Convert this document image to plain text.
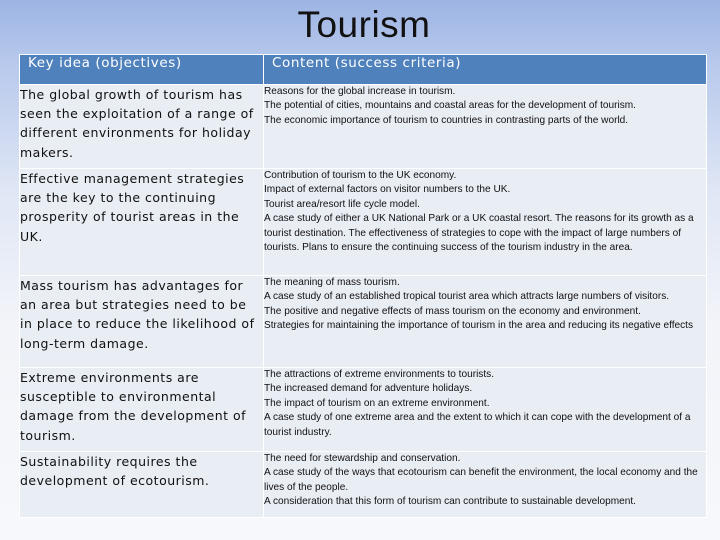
Tourism
Key idea (objectives)	Content (success criteria)
The global growth of tourism has seen the exploitation of a range of different environments for holiday makers.	Reasons for the global increase in tourism.
The potential of cities, mountains and coastal areas for the development of tourism.
The economic importance of tourism to countries in contrasting parts of the world.

Effective management strategies are the key to the continuing prosperity of tourist areas in the UK.	Contribution of tourism to the UK economy.
Impact of external factors on visitor numbers to the UK.
Tourist area/resort life cycle model.
A case study of either a UK National Park or a UK coastal resort. The reasons for its growth as a tourist destination. The effectiveness of strategies to cope with the impact of large numbers of tourists. Plans to ensure the continuing success of the tourism industry in the area.

Mass tourism has advantages for an area but strategies need to be in place to reduce the likelihood of long-term damage.	The meaning of mass tourism.
A case study of an established tropical tourist area which attracts large numbers of visitors.
The positive and negative effects of mass tourism on the economy and environment.
Strategies for maintaining the importance of tourism in the area and reducing its negative effects

Extreme environments are susceptible to environmental damage from the development of tourism.	The attractions of extreme environments to tourists.
The increased demand for adventure holidays.
The impact of tourism on an extreme environment.
A case study of one extreme area and the extent to which it can cope with the development of a tourist industry.

Sustainability requires the development of ecotourism.	The need for stewardship and conservation.
A case study of the ways that ecotourism can benefit the environment, the local economy and the lives of the people.
A consideration that this form of tourism can contribute to sustainable development.
